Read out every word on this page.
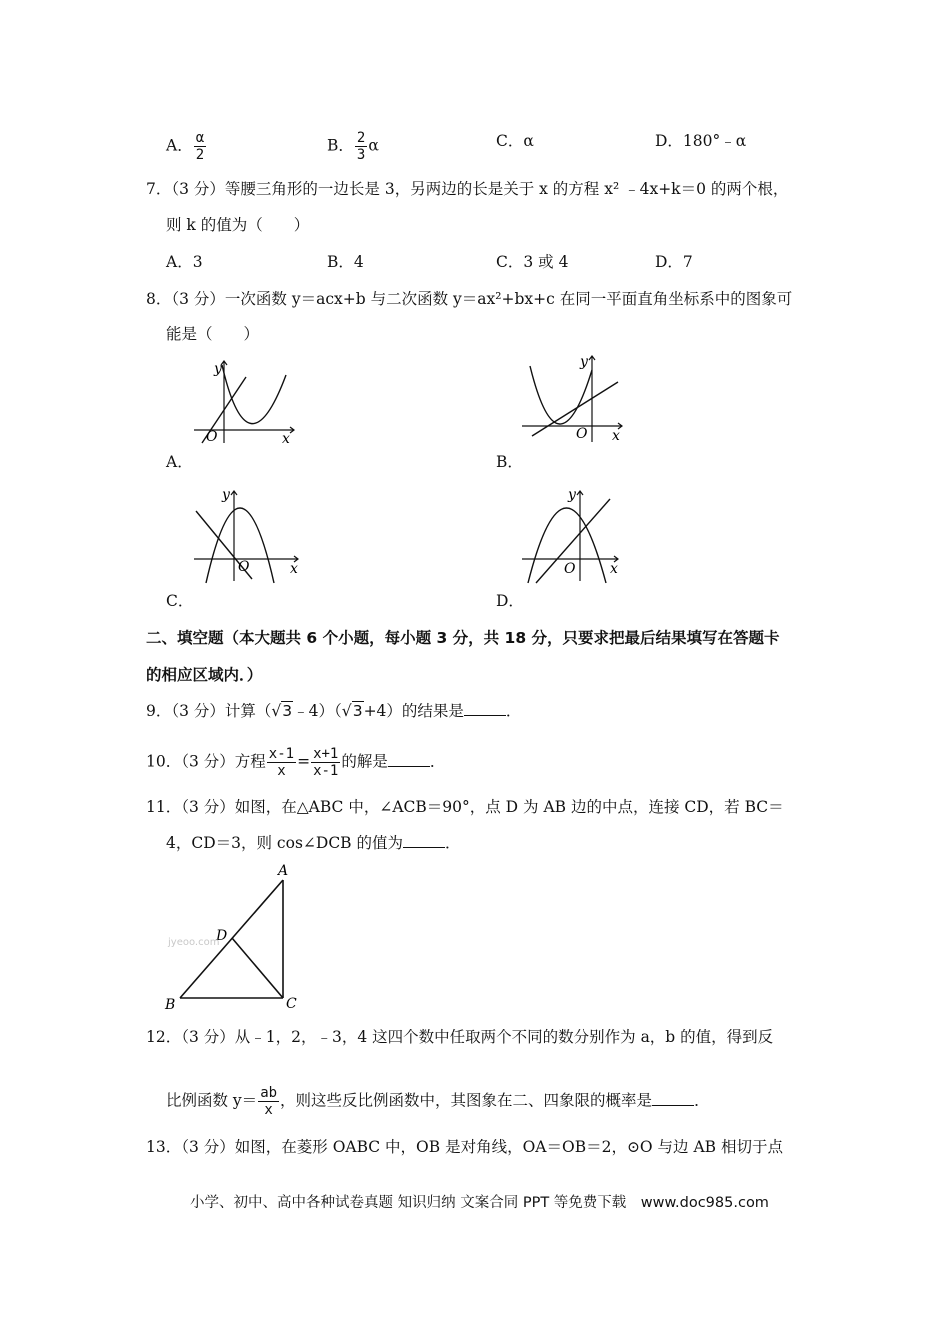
A． $\frac{\alpha}{2}$	B． $\frac{2}{3}$ α	C．α	D．180°﹣α
7．（3 分）等腰三角形的一边长是 3，另两边的长是关于 x 的方程 x² ﹣4x+k＝0 的两个根，
则 k 的值为（　　）
A．3	B．4	C．3 或 4	D．7
8．（3 分）一次函数 y＝acx+b 与二次函数 y＝ax²+bx+c 在同一平面直角坐标系中的图象可
能是（　　）
y
O	x
A．
y
O x
B．
y
O	x
C．
y
O x
D．
二、填空题（本大题共 6 个小题，每小题 3 分，共 18 分，只要求把最后结果填写在答题卡
的相应区域内．）
9．（3 分）计算（√3﹣4）（√3+4）的结果是	．
10．（3 分）方程 $\frac{x-1}{x} = \frac{x+1}{x-1}$ 的解是	．
11．（3 分）如图，在△ABC 中，∠ACB＝90°，点 D 为 AB 边的中点，连接 CD，若 BC＝
4，CD＝3，则 cos∠DCB 的值为	．
A
B	C
D
jyeoo.com
12．（3 分）从﹣1，2，﹣3，4 这四个数中任取两个不同的数分别作为 a，b 的值，得到反
比例函数 $y= \frac{ab}{x}$ ，则这些反比例函数中，其图象在二、四象限的概率是	．
13．（3 分）如图，在菱形 OABC 中，OB 是对角线，OA＝OB＝2，⊙O 与边 AB 相切于点
小学、初中、高中各种试卷真题 知识归纳 文案合同 PPT 等免费下载　www.doc985.com
